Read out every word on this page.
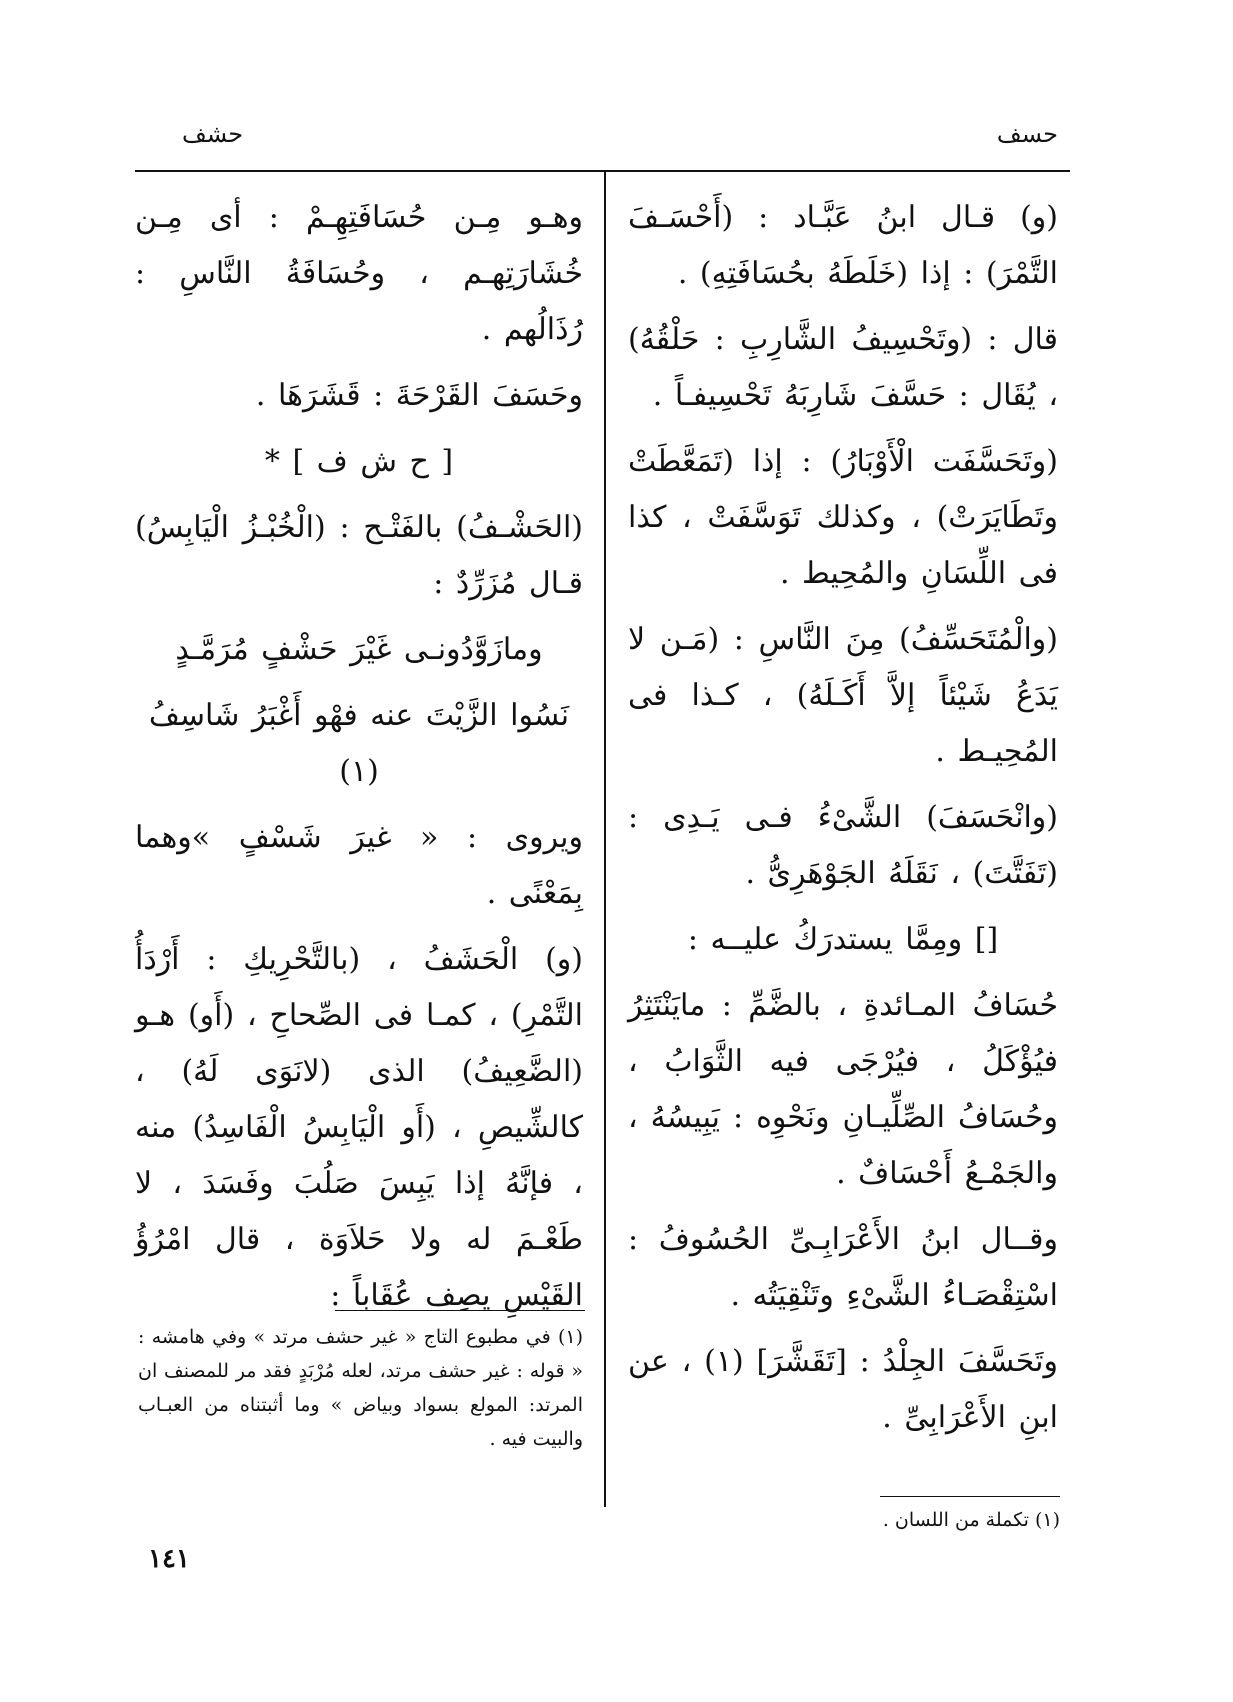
حسف
حشف

(و) قـال ابنُ عَبَّـاد : (أَحْسَـفَ التَّمْرَ) : إذا (خَلَطَهُ بحُسَافَتِهِ) .

قال : (وتَحْسِيفُ الشَّارِبِ : حَلْقُهُ) ، يُقَال : حَسَّفَ شَارِبَهُ تَحْسِيفـاً .

(وتَحَسَّفَت الْأَوْبَارُ) : إذا (تَمَعَّطَتْ وتَطَايَرَتْ) ، وكذلك تَوَسَّفَتْ ، كذا فى اللِّسَانِ والمُحِيط .

(والْمُتَحَسِّفُ) مِنَ النَّاسِ : (مَـن لا يَدَعُ شَيْئاً إلاَّ أَكَـلَهُ) ، كـذا فى المُحِيـط .

(وانْحَسَفَ) الشَّىْءُ فـى يَـدِى : (تَفَتَّتَ) ، نَقَلَهُ الجَوْهَرِىُّ .

[] ومِمَّا يستدرَكُ عليــه :

حُسَافُ المـائدةِ ، بالضَّمِّ : مايَنْتَثِرُ فيُؤْكَلُ ، فيُرْجَى فيه الثَّوَابُ ، وحُسَافُ الصِّلِّيـانِ ونَحْوِه : يَبِيسُهُ ، والجَمْـعُ أَحْسَافٌ .

وقــال ابنُ الأَعْرَابِـىِّ الحُسُوفُ : اسْتِقْصَـاءُ الشَّىْءِ وتَنْقِيَتُه .

وتَحَسَّفَ الجِلْدُ : [تَقَشَّرَ] (١) ، عن ابنِ الأَعْرَابِىِّ .

وهـو مِـن حُسَافَتِهِـمْ : أى مِـن خُشَارَتِهـم ، وحُسَافَةُ النَّاسِ : رُذَالُهم .

وحَسَفَ القَرْحَةَ : قَشَرَهَا .

[ ح ش ف ] *

(الحَشْـفُ) بالفَتْـح : (الْخُبْـزُ الْيَابِسُ) قـال مُزَرِّدٌ :

ومازَوَّدُونـى غَيْرَ حَشْفٍ مُرَمَّـدٍ

نَسُوا الزَّيْتَ عنه فهْو أَغْبَرُ شَاسِفُ (١)

ويروى : « غيرَ شَسْفٍ »وهما بِمَعْنًى .

(و) الْحَشَفُ ، (بالتَّحْرِيكِ : أَرْدَأُ التَّمْرِ) ، كمـا فى الصِّحاحِ ، (أَو) هـو (الضَّعِيفُ) الذى (لانَوَى لَهُ) ، كالشِّيصِ ، (أَو الْيَابِسُ الْفَاسِدُ) منه ، فإنَّهُ إذا يَبِسَ صَلُبَ وفَسَدَ ، لا طَعْـمَ له ولا حَلاَوَة ، قال امْرُؤُ القَيْسِ يصِف عُقَاباً :

(١) في مطبوع التاج « غير حشف مرتد » وفي هامشه : « قوله : غير حشف مرتد، لعله مُرْبَدٍ فقد مر للمصنف ان المرتد: المولع بسواد وبياض » وما أثبتناه من العبـاب والبيت فيه .
(١) تكملة من اللسان .
١٤١
